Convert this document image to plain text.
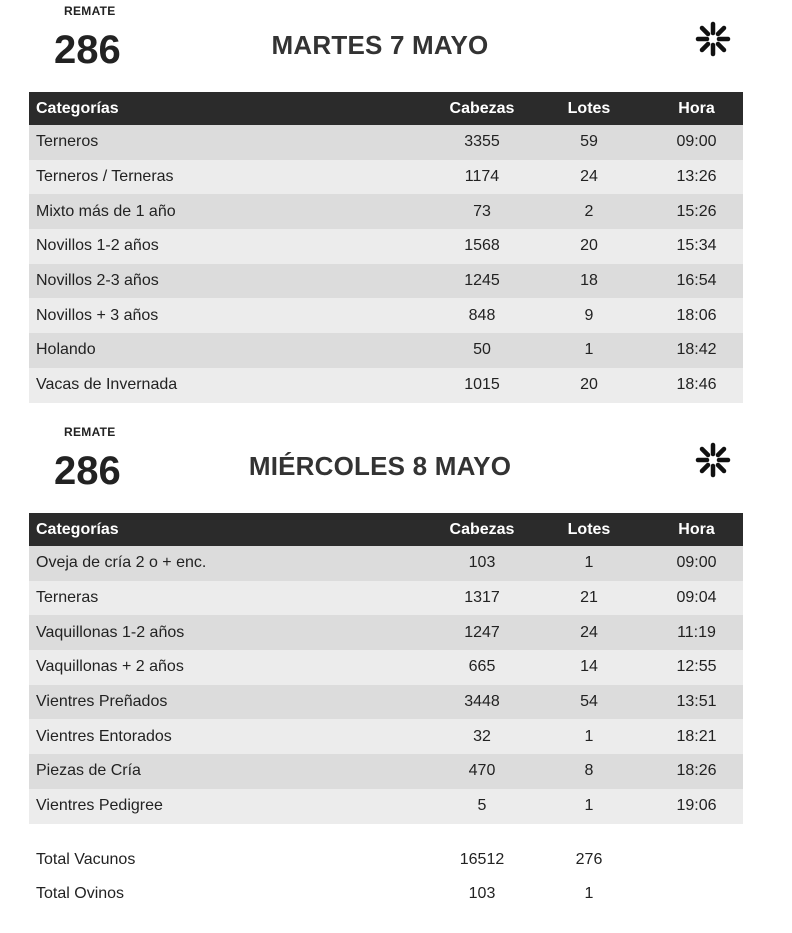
REMATE
286	MARTES 7 MAYO
Categorías	Cabezas	Lotes	Hora
Terneros	3355	59	09:00
Terneros / Terneras	1174	24	13:26
Mixto más de 1 año	73	2	15:26
Novillos 1-2 años	1568	20	15:34
Novillos 2-3 años	1245	18	16:54
Novillos + 3 años	848	9	18:06
Holando	50	1	18:42
Vacas de Invernada	1015	20	18:46
REMATE
286	MIÉRCOLES 8 MAYO
Categorías	Cabezas	Lotes	Hora
Oveja de cría 2 o + enc.	103	1	09:00
Terneras	1317	21	09:04
Vaquillonas 1-2 años	1247	24	11:19
Vaquillonas + 2 años	665	14	12:55
Vientres Preñados	3448	54	13:51
Vientres Entorados	32	1	18:21
Piezas de Cría	470	8	18:26
Vientres Pedigree	5	1	19:06
Total Vacunos	16512	276	
Total Ovinos	103	1	
